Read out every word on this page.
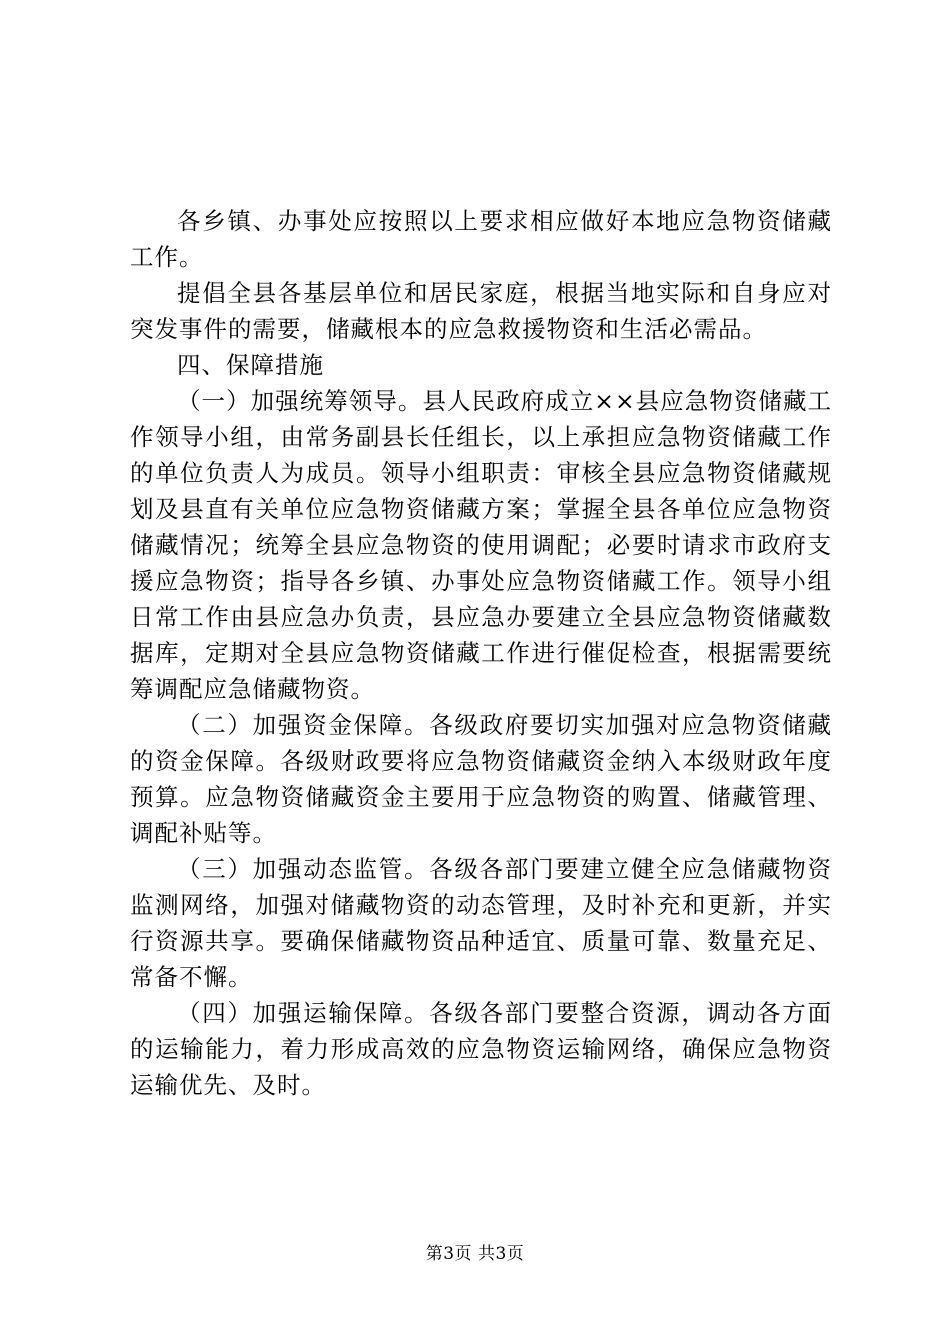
各乡镇、办事处应按照以上要求相应做好本地应急物资储藏工作。

提倡全县各基层单位和居民家庭，根据当地实际和自身应对突发事件的需要，储藏根本的应急救援物资和生活必需品。

四、保障措施

（一）加强统筹领导。县人民政府成立××县应急物资储藏工作领导小组，由常务副县长任组长，以上承担应急物资储藏工作的单位负责人为成员。领导小组职责：审核全县应急物资储藏规划及县直有关单位应急物资储藏方案；掌握全县各单位应急物资储藏情况；统筹全县应急物资的使用调配；必要时请求市政府支援应急物资；指导各乡镇、办事处应急物资储藏工作。领导小组日常工作由县应急办负责，县应急办要建立全县应急物资储藏数据库，定期对全县应急物资储藏工作进行催促检查，根据需要统筹调配应急储藏物资。

（二）加强资金保障。各级政府要切实加强对应急物资储藏的资金保障。各级财政要将应急物资储藏资金纳入本级财政年度预算。应急物资储藏资金主要用于应急物资的购置、储藏管理、调配补贴等。

（三）加强动态监管。各级各部门要建立健全应急储藏物资监测网络，加强对储藏物资的动态管理，及时补充和更新，并实行资源共享。要确保储藏物资品种适宜、质量可靠、数量充足、常备不懈。

（四）加强运输保障。各级各部门要整合资源，调动各方面的运输能力，着力形成高效的应急物资运输网络，确保应急物资运输优先、及时。

第3页 共3页
